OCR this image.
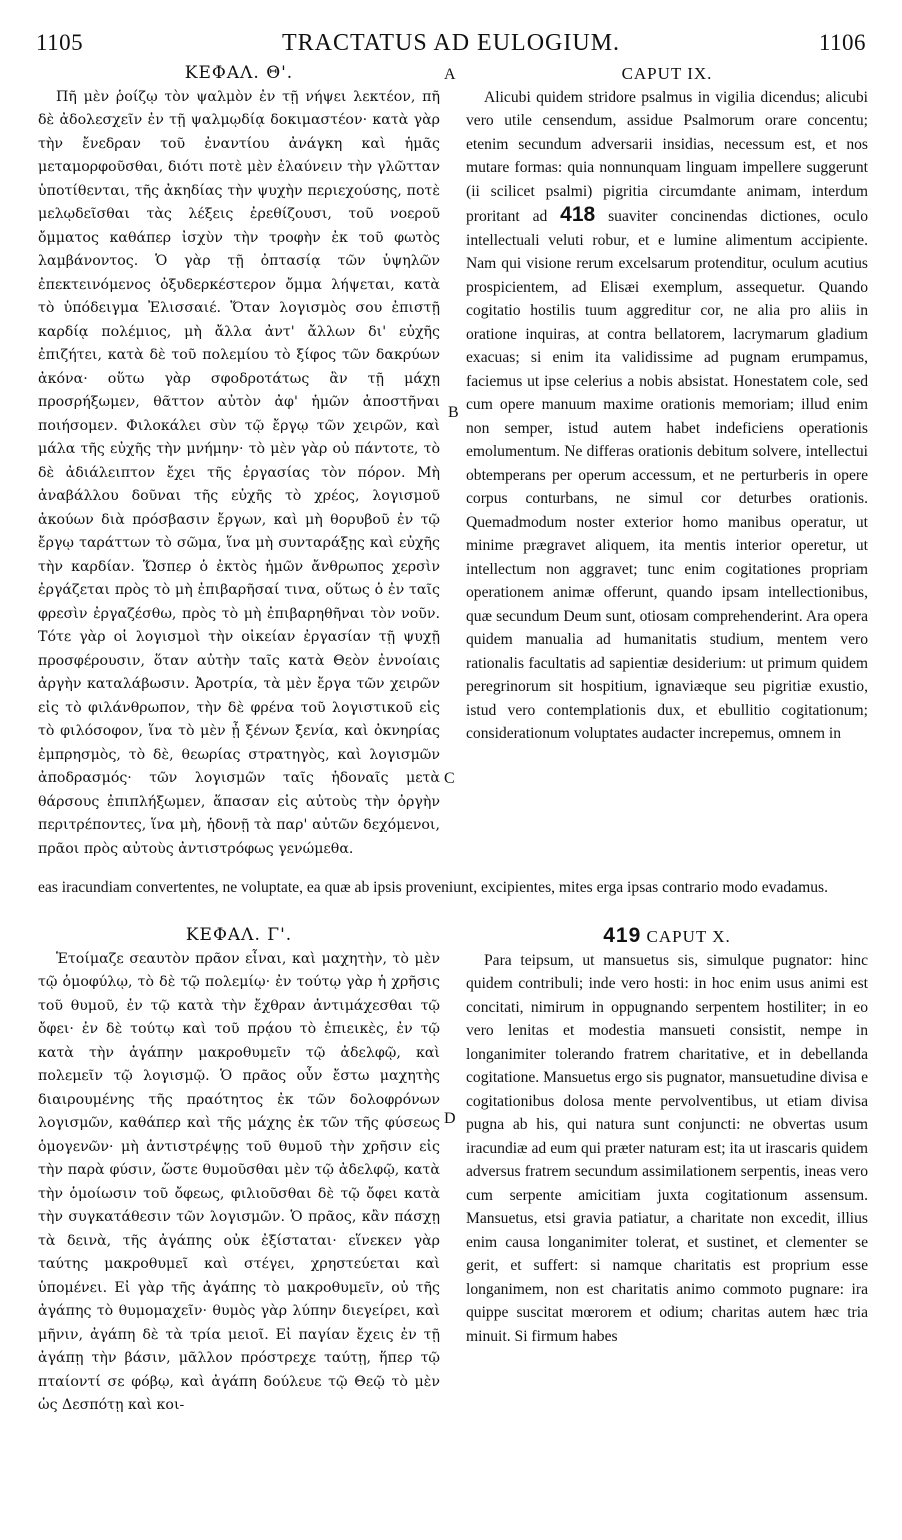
1105	TRACTATUS AD EULOGIUM.	1106
A
B
C
D

ΚΕΦΑΛ. Θ'.

Πῆ μὲν ῥοίζῳ τὸν ψαλμὸν ἐν τῇ νήψει λεκτέον, πῆ δὲ ἀδολεσχεῖν ἐν τῇ ψαλμῳδίᾳ δοκιμαστέον· κατὰ γὰρ τὴν ἔνεδραν τοῦ ἐναντίου ἀνάγκη καὶ ἡμᾶς μεταμορφοῦσθαι, διότι ποτὲ μὲν ἐλαύνειν τὴν γλῶτταν ὑποτίθενται, τῆς ἀκηδίας τὴν ψυχὴν περιεχούσης, ποτὲ μελῳδεῖσθαι τὰς λέξεις ἐρεθίζουσι, τοῦ νοεροῦ ὄμματος καθάπερ ἰσχὺν τὴν τροφὴν ἐκ τοῦ φωτὸς λαμβάνοντος. Ὁ γὰρ τῇ ὀπτασίᾳ τῶν ὑψηλῶν ἐπεκτεινόμενος ὀξυδερκέστερον ὄμμα λήψεται, κατὰ τὸ ὑπόδειγμα Ἐλισσαιέ. Ὅταν λογισμὸς σου ἐπιστῇ καρδίᾳ πολέμιος, μὴ ἄλλα ἀντ' ἄλλων δι' εὐχῆς ἐπιζήτει, κατὰ δὲ τοῦ πολεμίου τὸ ξίφος τῶν δακρύων ἀκόνα· οὕτω γὰρ σφοδροτάτως ἂν τῇ μάχῃ προσρήξωμεν, θᾶττον αὐτὸν ἀφ' ἡμῶν ἀποστῆναι ποιήσομεν. Φιλοκάλει σὺν τῷ ἔργῳ τῶν χειρῶν, καὶ μάλα τῆς εὐχῆς τὴν μνήμην· τὸ μὲν γὰρ οὐ πάντοτε, τὸ δὲ ἀδιάλειπτον ἔχει τῆς ἐργασίας τὸν πόρον. Μὴ ἀναβάλλου δοῦναι τῆς εὐχῆς τὸ χρέος, λογισμοῦ ἀκούων διὰ πρόσβασιν ἔργων, καὶ μὴ θορυβοῦ ἐν τῷ ἔργῳ ταράττων τὸ σῶμα, ἵνα μὴ συνταράξῃς καὶ εὐχῆς τὴν καρδίαν. Ὥσπερ ὁ ἐκτὸς ἡμῶν ἄνθρωπος χερσὶν ἐργάζεται πρὸς τὸ μὴ ἐπιβαρῆσαί τινα, οὕτως ὁ ἐν ταῖς φρεσὶν ἐργαζέσθω, πρὸς τὸ μὴ ἐπιβαρηθῆναι τὸν νοῦν. Τότε γὰρ οἱ λογισμοὶ τὴν οἰκείαν ἐργασίαν τῇ ψυχῇ προσφέρουσιν, ὅταν αὐτὴν ταῖς κατὰ Θεὸν ἐννοίαις ἀργὴν καταλάβωσιν. Ἀροτρία, τὰ μὲν ἔργα τῶν χειρῶν εἰς τὸ φιλάνθρωπον, τὴν δὲ φρένα τοῦ λογιστικοῦ εἰς τὸ φιλόσοφον, ἵνα τὸ μὲν ᾖ ξένων ξενία, καὶ ὀκνηρίας ἐμπρησμὸς, τὸ δὲ, θεωρίας στρατηγὸς, καὶ λογισμῶν ἀποδρασμός· τῶν λογισμῶν ταῖς ἡδοναῖς μετὰ θάρσους ἐπιπλήξωμεν, ἅπασαν εἰς αὐτοὺς τὴν ὀργὴν περιτρέποντες, ἵνα μὴ, ἡδονῇ τὰ παρ' αὐτῶν δεχόμενοι, πρᾶοι πρὸς αὐτοὺς ἀντιστρόφως γενώμεθα.

CAPUT IX.

Alicubi quidem stridore psalmus in vigilia dicendus; alicubi vero utile censendum, assidue Psalmorum orare concentu; etenim secundum adversarii insidias, necessum est, et nos mutare formas: quia nonnunquam linguam impellere suggerunt (ii scilicet psalmi) pigritia circumdante animam, interdum proritant ad 418 suaviter concinendas dictiones, oculo intellectuali veluti robur, et e lumine alimentum accipiente. Nam qui visione rerum excelsarum protenditur, oculum acutius prospicientem, ad Elisæi exemplum, assequetur. Quando cogitatio hostilis tuum aggreditur cor, ne alia pro aliis in oratione inquiras, at contra bellatorem, lacrymarum gladium exacuas; si enim ita validissime ad pugnam erumpamus, faciemus ut ipse celerius a nobis absistat. Honestatem cole, sed cum opere manuum maxime orationis memoriam; illud enim non semper, istud autem habet indeficiens operationis emolumentum. Ne differas orationis debitum solvere, intellectui obtemperans per operum accessum, et ne perturberis in opere corpus conturbans, ne simul cor deturbes orationis. Quemadmodum noster exterior homo manibus operatur, ut minime prægravet aliquem, ita mentis interior operetur, ut intellectum non aggravet; tunc enim cogitationes propriam operationem animæ offerunt, quando ipsam intellectionibus, quæ secundum Deum sunt, otiosam comprehenderint. Ara opera quidem manualia ad humanitatis studium, mentem vero rationalis facultatis ad sapientiæ desiderium: ut primum quidem peregrinorum sit hospitium, ignaviæque seu pigritiæ exustio, istud vero contemplationis dux, et ebullitio cogitationum; considerationum voluptates audacter increpemus, omnem in

eas iracundiam convertentes, ne voluptate, ea quæ ab ipsis proveniunt, excipientes, mites erga ipsas contrario modo evadamus.

ΚΕΦΑΛ. Γ'.

Ἑτοίμαζε σεαυτὸν πρᾶον εἶναι, καὶ μαχητὴν, τὸ μὲν τῷ ὁμοφύλῳ, τὸ δὲ τῷ πολεμίῳ· ἐν τούτῳ γὰρ ἡ χρῆσις τοῦ θυμοῦ, ἐν τῷ κατὰ τὴν ἔχθραν ἀντιμάχεσθαι τῷ ὄφει· ἐν δὲ τούτῳ καὶ τοῦ πρᾴου τὸ ἐπιεικὲς, ἐν τῷ κατὰ τὴν ἀγάπην μακροθυμεῖν τῷ ἀδελφῷ, καὶ πολεμεῖν τῷ λογισμῷ. Ὁ πρᾶος οὖν ἔστω μαχητὴς διαιρουμένης τῆς πραότητος ἐκ τῶν δολοφρόνων λογισμῶν, καθάπερ καὶ τῆς μάχης ἐκ τῶν τῆς φύσεως ὁμογενῶν· μὴ ἀντιστρέψῃς τοῦ θυμοῦ τὴν χρῆσιν εἰς τὴν παρὰ φύσιν, ὥστε θυμοῦσθαι μὲν τῷ ἀδελφῷ, κατὰ τὴν ὁμοίωσιν τοῦ ὄφεως, φιλιοῦσθαι δὲ τῷ ὄφει κατὰ τὴν συγκατάθεσιν τῶν λογισμῶν. Ὁ πρᾶος, κἂν πάσχῃ τὰ δεινὰ, τῆς ἀγάπης οὐκ ἐξίσταται· εἵνεκεν γὰρ ταύτης μακροθυμεῖ καὶ στέγει, χρηστεύεται καὶ ὑπομένει. Εἰ γὰρ τῆς ἀγάπης τὸ μακροθυμεῖν, οὐ τῆς ἀγάπης τὸ θυμομαχεῖν· θυμὸς γὰρ λύπην διεγείρει, καὶ μῆνιν, ἀγάπη δὲ τὰ τρία μειοῖ. Εἰ παγίαν ἔχεις ἐν τῇ ἀγάπῃ τὴν βάσιν, μᾶλλον πρόστρεχε ταύτῃ, ἥπερ τῷ πταίοντί σε φόβῳ, καὶ ἀγάπη δούλευε τῷ Θεῷ τὸ μὲν ὡς Δεσπότῃ καὶ κοι-

419 CAPUT X.

Para teipsum, ut mansuetus sis, simulque pugnator: hinc quidem contribuli; inde vero hosti: in hoc enim usus animi est concitati, nimirum in oppugnando serpentem hostiliter; in eo vero lenitas et modestia mansueti consistit, nempe in longanimiter tolerando fratrem charitative, et in debellanda cogitatione. Mansuetus ergo sis pugnator, mansuetudine divisa e cogitationibus dolosa mente pervolventibus, ut etiam divisa pugna ab his, qui natura sunt conjuncti: ne obvertas usum iracundiæ ad eum qui præter naturam est; ita ut irascaris quidem adversus fratrem secundum assimilationem serpentis, ineas vero cum serpente amicitiam juxta cogitationum assensum. Mansuetus, etsi gravia patiatur, a charitate non excedit, illius enim causa longanimiter tolerat, et sustinet, et clementer se gerit, et suffert: si namque charitatis est proprium esse longanimem, non est charitatis animo commoto pugnare: ira quippe suscitat mœrorem et odium; charitas autem hæc tria minuit. Si firmum habes
